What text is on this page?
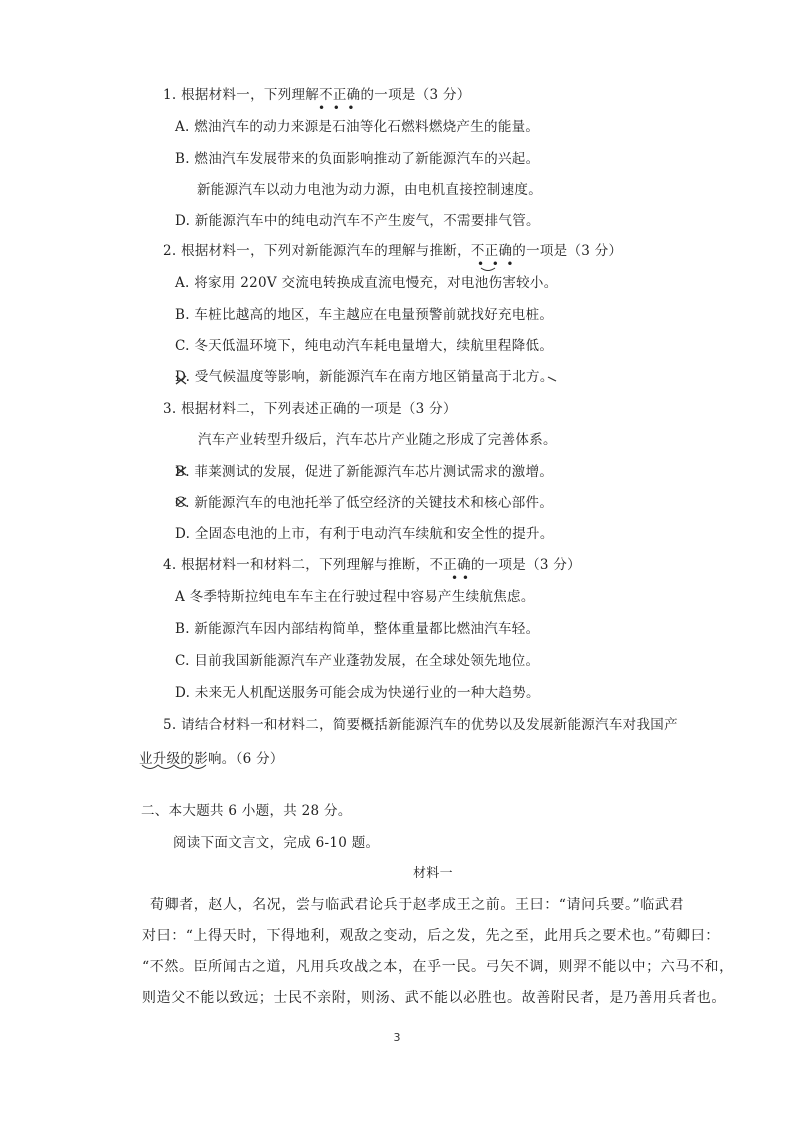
1. 根据材料一，下列理解不正确的一项是（3 分）
A. 燃油汽车的动力来源是石油等化石燃料燃烧产生的能量。
B. 燃油汽车发展带来的负面影响推动了新能源汽车的兴起。
新能源汽车以动力电池为动力源，由电机直接控制速度。
D. 新能源汽车中的纯电动汽车不产生废气，不需要排气管。
2. 根据材料一，下列对新能源汽车的理解与推断，不正确的一项是（3 分）
A. 将家用 220V 交流电转换成直流电慢充，对电池伤害较小。
B. 车桩比越高的地区，车主越应在电量预警前就找好充电桩。
C. 冬天低温环境下，纯电动汽车耗电量增大，续航里程降低。
D. 受气候温度等影响，新能源汽车在南方地区销量高于北方。
3. 根据材料二，下列表述正确的一项是（3 分）
汽车产业转型升级后，汽车芯片产业随之形成了完善体系。
B. 菲莱测试的发展，促进了新能源汽车芯片测试需求的激增。
C. 新能源汽车的电池托举了低空经济的关键技术和核心部件。
D. 全固态电池的上市，有利于电动汽车续航和安全性的提升。
4. 根据材料一和材料二，下列理解与推断，不正确的一项是（3 分）
A 冬季特斯拉纯电车车主在行驶过程中容易产生续航焦虑。
B. 新能源汽车因内部结构简单，整体重量都比燃油汽车轻。
C. 目前我国新能源汽车产业蓬勃发展，在全球处领先地位。
D. 未来无人机配送服务可能会成为快递行业的一种大趋势。
5. 请结合材料一和材料二，简要概括新能源汽车的优势以及发展新能源汽车对我国产
业升级的影响。（6 分）
二、本大题共 6 小题，共 28 分。
阅读下面文言文，完成 6-10 题。
材料一
荀卿者，赵人，名况，尝与临武君论兵于赵孝成王之前。王曰：“请问兵要。”临武君
对曰：“上得天时，下得地利，观敌之变动，后之发，先之至，此用兵之要术也。”荀卿曰：
“不然。臣所闻古之道，凡用兵攻战之本，在乎一民。弓矢不调，则羿不能以中；六马不和，
则造父不能以致远；士民不亲附，则汤、武不能以必胜也。故善附民者，是乃善用兵者也。
3
•  •  •
•  •  •
• •
